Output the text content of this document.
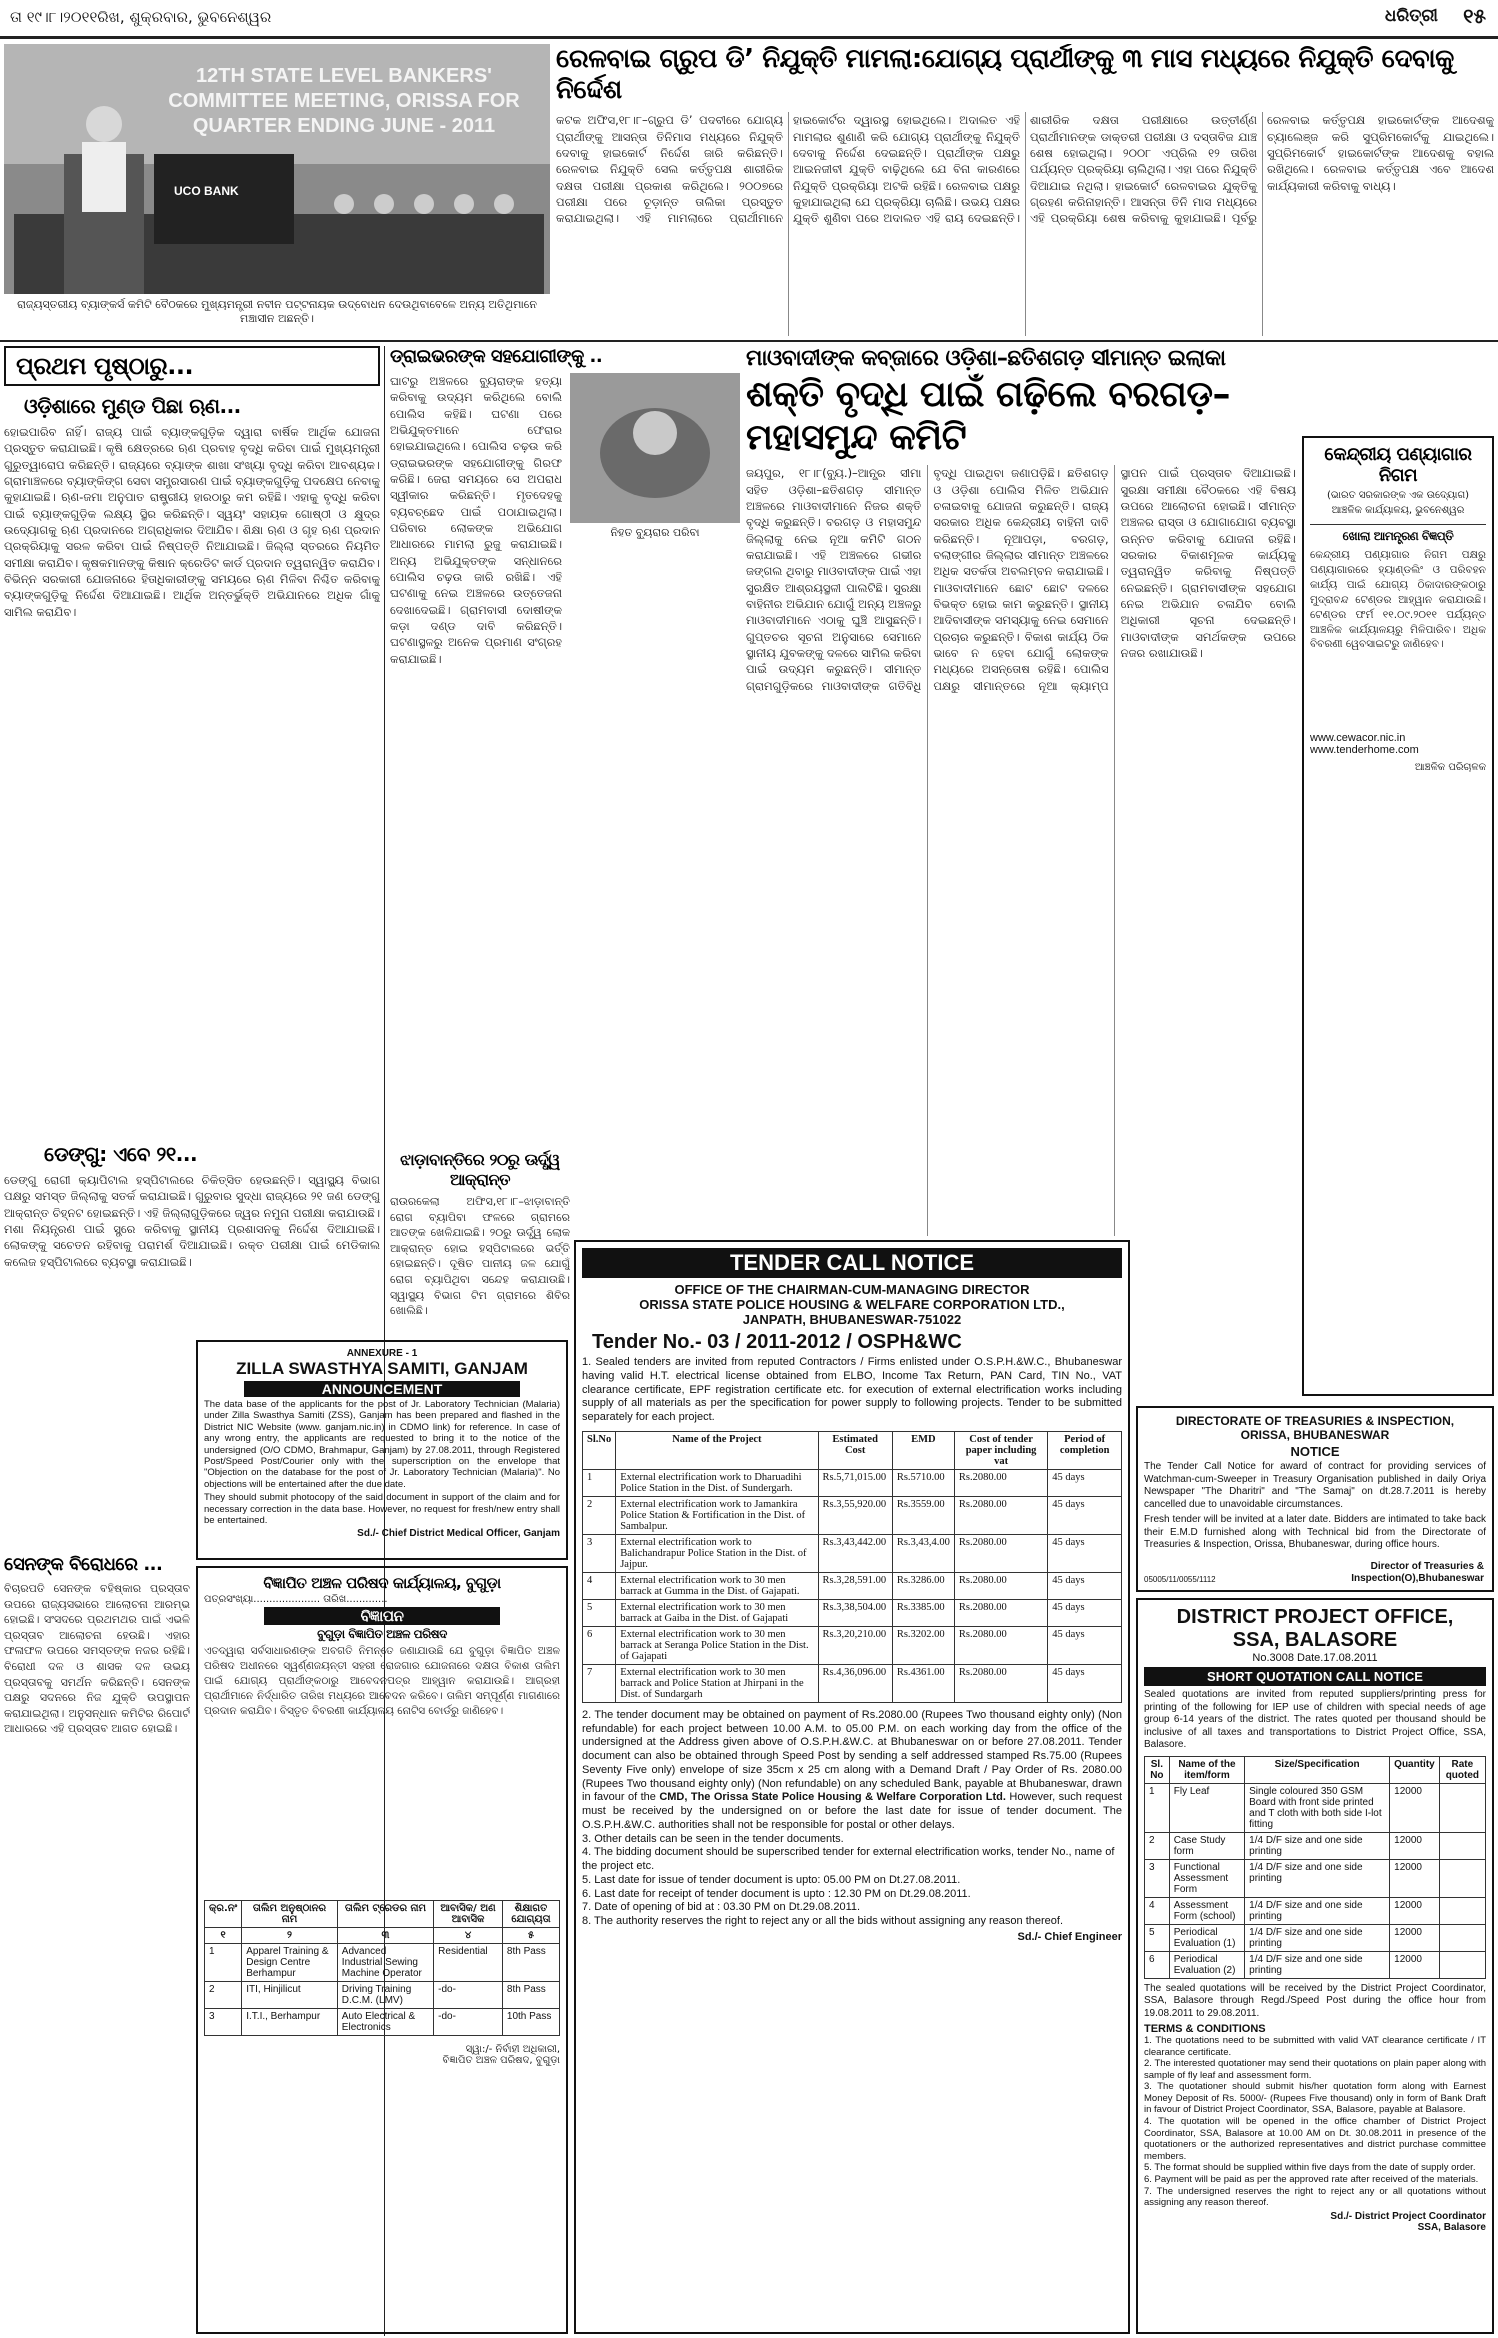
ତା ୧୯।୮।୨୦୧୧ରିଖ, ଶୁକ୍ରବାର, ଭୁବନେଶ୍ୱର	ଧରିତ୍ରୀ ୧୫
12TH STATE LEVEL BANKERS' COMMITTEE MEETING, ORISSA FOR QUARTER ENDING JUNE - 2011
UCO BANK
ରାଜ୍ୟସ୍ତରୀୟ ବ୍ୟାଙ୍କର୍ସ କମିଟି ବୈଠକରେ ମୁଖ୍ୟମନ୍ତ୍ରୀ ନବୀନ ପଟ୍ଟନାୟକ ଉଦ୍‌ବୋଧନ ଦେଉଥିବାବେଳେ ଅନ୍ୟ ଅତିଥିମାନେ ମଞ୍ଚାସୀନ ଅଛନ୍ତି।
ରେଳବାଇ ଗ୍ରୁପ ଡି’ ନିଯୁକ୍ତି ମାମଲା:ଯୋଗ୍ୟ ପ୍ରାର୍ଥୀଙ୍କୁ ୩ ମାସ ମଧ୍ୟରେ ନିଯୁକ୍ତି ଦେବାକୁ ନିର୍ଦ୍ଦେଶ
କଟକ ଅଫିସ,୧୮।୮–ଗ୍ରୁପ ଡି’ ପଦବୀରେ ଯୋଗ୍ୟ ପ୍ରାର୍ଥୀଙ୍କୁ ଆସନ୍ତା ତିନିମାସ ମଧ୍ୟରେ ନିଯୁକ୍ତି ଦେବାକୁ ହାଇକୋର୍ଟ ନିର୍ଦ୍ଦେଶ ଜାରି କରିଛନ୍ତି। ରେଳବାଇ ନିଯୁକ୍ତି ସେଲ କର୍ତ୍ତୃପକ୍ଷ ଶାରୀରିକ ଦକ୍ଷତା ପରୀକ୍ଷା ପ୍ରକାଶ କରିଥିଲେ। ୨୦୦୭ରେ ପରୀକ୍ଷା ପରେ ଚୂଡ଼ାନ୍ତ ତାଲିକା ପ୍ରସ୍ତୁତ କରାଯାଇଥିଲା। ଏହି ମାମଲାରେ ପ୍ରାର୍ଥୀମାନେ ହାଇକୋର୍ଟର ଦ୍ୱାରସ୍ଥ ହୋଇଥିଲେ। ଅଦାଲତ ଏହି ମାମଲାର ଶୁଣାଣି କରି ଯୋଗ୍ୟ ପ୍ରାର୍ଥୀଙ୍କୁ ନିଯୁକ୍ତି ଦେବାକୁ ନିର୍ଦ୍ଦେଶ ଦେଇଛନ୍ତି। ପ୍ରାର୍ଥୀଙ୍କ ପକ୍ଷରୁ ଆଇନଜୀବୀ ଯୁକ୍ତି ବାଢ଼ିଥିଲେ ଯେ ବିନା କାରଣରେ ନିଯୁକ୍ତି ପ୍ରକ୍ରିୟା ଅଟକି ରହିଛି। ରେଳବାଇ ପକ୍ଷରୁ କୁହାଯାଇଥିଲା ଯେ ପ୍ରକ୍ରିୟା ଚାଲିଛି। ଉଭୟ ପକ୍ଷର ଯୁକ୍ତି ଶୁଣିବା ପରେ ଅଦାଲତ ଏହି ରାୟ ଦେଇଛନ୍ତି। ଶାରୀରିକ ଦକ୍ଷତା ପରୀକ୍ଷାରେ ଉତ୍ତୀର୍ଣ୍ଣ ପ୍ରାର୍ଥୀମାନଙ୍କ ଡାକ୍ତରୀ ପରୀକ୍ଷା ଓ ଦସ୍ତାବିଜ ଯାଞ୍ଚ ଶେଷ ହୋଇଥିଲା। ୨୦୦୮ ଏପ୍ରିଲ ୧୨ ତାରିଖ ପର୍ଯ୍ୟନ୍ତ ପ୍ରକ୍ରିୟା ଚାଲିଥିଲା। ଏହା ପରେ ନିଯୁକ୍ତି ଦିଆଯାଇ ନଥିଲା। ହାଇକୋର୍ଟ ରେଳବାଇର ଯୁକ୍ତିକୁ ଗ୍ରହଣ କରିନାହାନ୍ତି। ଆସନ୍ତା ତିନି ମାସ ମଧ୍ୟରେ ଏହି ପ୍ରକ୍ରିୟା ଶେଷ କରିବାକୁ କୁହାଯାଇଛି। ପୂର୍ବରୁ ରେଳବାଇ କର୍ତ୍ତୃପକ୍ଷ ହାଇକୋର୍ଟଙ୍କ ଆଦେଶକୁ ଚ୍ୟାଲେଞ୍ଜ କରି ସୁପ୍ରିମକୋର୍ଟକୁ ଯାଇଥିଲେ। ସୁପ୍ରିମକୋର୍ଟ ହାଇକୋର୍ଟଙ୍କ ଆଦେଶକୁ ବହାଲ ରଖିଥିଲେ। ରେଳବାଇ କର୍ତ୍ତୃପକ୍ଷ ଏବେ ଆଦେଶ କାର୍ଯ୍ୟକାରୀ କରିବାକୁ ବାଧ୍ୟ।
ପ୍ରଥମ ପୃଷ୍ଠାରୁ...
ଓଡ଼ିଶାରେ ମୁଣ୍ଡ ପିଛା ଋଣ...
ହୋଇପାରିବ ନାହିଁ। ରାଜ୍ୟ ପାଇଁ ବ୍ୟାଙ୍କଗୁଡ଼ିକ ଦ୍ୱାରା ବାର୍ଷିକ ଆର୍ଥିକ ଯୋଜନା ପ୍ରସ୍ତୁତ କରାଯାଇଛି। କୃଷି କ୍ଷେତ୍ରରେ ଋଣ ପ୍ରବାହ ବୃଦ୍ଧି କରିବା ପାଇଁ ମୁଖ୍ୟମନ୍ତ୍ରୀ ଗୁରୁତ୍ୱାରୋପ କରିଛନ୍ତି। ରାଜ୍ୟରେ ବ୍ୟାଙ୍କ ଶାଖା ସଂଖ୍ୟା ବୃଦ୍ଧି କରିବା ଆବଶ୍ୟକ। ଗ୍ରାମାଞ୍ଚଳରେ ବ୍ୟାଙ୍କିଙ୍ଗ ସେବା ସମ୍ପ୍ରସାରଣ ପାଇଁ ବ୍ୟାଙ୍କଗୁଡ଼ିକୁ ପଦକ୍ଷେପ ନେବାକୁ କୁହାଯାଇଛି। ଋଣ-ଜମା ଅନୁପାତ ରାଷ୍ଟ୍ରୀୟ ହାରଠାରୁ କମ ରହିଛି। ଏହାକୁ ବୃଦ୍ଧି କରିବା ପାଇଁ ବ୍ୟାଙ୍କଗୁଡ଼ିକ ଲକ୍ଷ୍ୟ ସ୍ଥିର କରିଛନ୍ତି। ସ୍ୱୟଂ ସହାୟକ ଗୋଷ୍ଠୀ ଓ କ୍ଷୁଦ୍ର ଉଦ୍ୟୋଗକୁ ଋଣ ପ୍ରଦାନରେ ଅଗ୍ରାଧିକାର ଦିଆଯିବ। ଶିକ୍ଷା ଋଣ ଓ ଗୃହ ଋଣ ପ୍ରଦାନ ପ୍ରକ୍ରିୟାକୁ ସରଳ କରିବା ପାଇଁ ନିଷ୍ପତ୍ତି ନିଆଯାଇଛି। ଜିଲ୍ଲା ସ୍ତରରେ ନିୟମିତ ସମୀକ୍ଷା କରାଯିବ। କୃଷକମାନଙ୍କୁ କିଷାନ କ୍ରେଡିଟ କାର୍ଡ ପ୍ରଦାନ ତ୍ୱରାନ୍ୱିତ କରାଯିବ। ବିଭିନ୍ନ ସରକାରୀ ଯୋଜନାରେ ହିତାଧିକାରୀଙ୍କୁ ସମୟରେ ଋଣ ମିଳିବା ନିଶ୍ଚିତ କରିବାକୁ ବ୍ୟାଙ୍କଗୁଡ଼ିକୁ ନିର୍ଦ୍ଦେଶ ଦିଆଯାଇଛି। ଆର୍ଥିକ ଅନ୍ତର୍ଭୁକ୍ତି ଅଭିଯାନରେ ଅଧିକ ଗାଁକୁ ସାମିଲ କରାଯିବ।
ଡେଙ୍ଗୁ: ଏବେ ୨୧...
ଡେଙ୍ଗୁ ରୋଗୀ କ୍ୟାପିଟାଲ ହସ୍ପିଟାଲରେ ଚିକିତ୍ସିତ ହେଉଛନ୍ତି। ସ୍ୱାସ୍ଥ୍ୟ ବିଭାଗ ପକ୍ଷରୁ ସମସ୍ତ ଜିଲ୍ଲାକୁ ସତର୍କ କରାଯାଇଛି। ଗୁରୁବାର ସୁଦ୍ଧା ରାଜ୍ୟରେ ୨୧ ଜଣ ଡେଙ୍ଗୁ ଆକ୍ରାନ୍ତ ଚିହ୍ନଟ ହୋଇଛନ୍ତି। ଏହି ଜିଲ୍ଲାଗୁଡ଼ିକରେ ଜ୍ୱର ନମୁନା ପରୀକ୍ଷା କରାଯାଉଛି। ମଶା ନିୟନ୍ତ୍ରଣ ପାଇଁ ସ୍ପ୍ରେ କରିବାକୁ ସ୍ଥାନୀୟ ପ୍ରଶାସନକୁ ନିର୍ଦ୍ଦେଶ ଦିଆଯାଇଛି। ଲୋକଙ୍କୁ ସଚେତନ ରହିବାକୁ ପରାମର୍ଶ ଦିଆଯାଇଛି। ରକ୍ତ ପରୀକ୍ଷା ପାଇଁ ମେଡିକାଲ କଲେଜ ହସ୍ପିଟାଲରେ ବ୍ୟବସ୍ଥା କରାଯାଇଛି।
ସେନଙ୍କ ବିରୋଧରେ ...
ବିଚାରପତି ସେନଙ୍କ ବହିଷ୍କାର ପ୍ରସ୍ତାବ ଉପରେ ରାଜ୍ୟସଭାରେ ଆଲୋଚନା ଆରମ୍ଭ ହୋଇଛି। ସଂସଦରେ ପ୍ରଥମଥର ପାଇଁ ଏଭଳି ପ୍ରସ୍ତାବ ଆଲୋଚନା ହେଉଛି। ଏହାର ଫଳାଫଳ ଉପରେ ସମସ୍ତଙ୍କ ନଜର ରହିଛି। ବିରୋଧୀ ଦଳ ଓ ଶାସକ ଦଳ ଉଭୟ ପ୍ରସ୍ତାବକୁ ସମର୍ଥନ କରିଛନ୍ତି। ସେନଙ୍କ ପକ୍ଷରୁ ସଦନରେ ନିଜ ଯୁକ୍ତି ଉପସ୍ଥାପନ କରାଯାଇଥିଲା। ଅନୁସନ୍ଧାନ କମିଟିର ରିପୋର୍ଟ ଆଧାରରେ ଏହି ପ୍ରସ୍ତାବ ଆଗତ ହୋଇଛି।
ଡ୍ରାଇଭରଙ୍କ ସହଯୋଗୀଙ୍କୁ ..
ନିହତ ବ୍ୟୁରାର ପରିବା
ଘାଟରୁ ଅଞ୍ଚଳରେ ବ୍ୟୁରାଙ୍କ ହତ୍ୟା କରିବାକୁ ଉଦ୍ୟମ କରିଥିଲେ ବୋଲି ପୋଲିସ କହିଛି। ଘଟଣା ପରେ ଅଭିଯୁକ୍ତମାନେ ଫେରାର ହୋଇଯାଇଥିଲେ। ପୋଲିସ ଚଢ଼ଉ କରି ଡ୍ରାଇଭରଙ୍କ ସହଯୋଗୀଙ୍କୁ ଗିରଫ କରିଛି। ଜେରା ସମୟରେ ସେ ଅପରାଧ ସ୍ୱୀକାର କରିଛନ୍ତି। ମୃତଦେହକୁ ବ୍ୟବଚ୍ଛେଦ ପାଇଁ ପଠାଯାଇଥିଲା। ପରିବାର ଲୋକଙ୍କ ଅଭିଯୋଗ ଆଧାରରେ ମାମଲା ରୁଜୁ କରାଯାଇଛି। ଅନ୍ୟ ଅଭିଯୁକ୍ତଙ୍କ ସନ୍ଧାନରେ ପୋଲିସ ଚଢ଼ଉ ଜାରି ରଖିଛି। ଏହି ଘଟଣାକୁ ନେଇ ଅଞ୍ଚଳରେ ଉତ୍ତେଜନା ଦେଖାଦେଇଛି। ଗ୍ରାମବାସୀ ଦୋଷୀଙ୍କ କଡ଼ା ଦଣ୍ଡ ଦାବି କରିଛନ୍ତି। ଘଟଣାସ୍ଥଳରୁ ଅନେକ ପ୍ରମାଣ ସଂଗ୍ରହ କରାଯାଇଛି।
ଝାଡ଼ାବାନ୍ତିରେ ୨୦ରୁ ଊର୍ଦ୍ଧ୍ୱ ଆକ୍ରାନ୍ତ
ରାଉରକେଲା ଅଫିସ,୧୮।୮–ଝାଡ଼ାବାନ୍ତି ରୋଗ ବ୍ୟାପିବା ଫଳରେ ଗ୍ରାମରେ ଆତଙ୍କ ଖେଳିଯାଇଛି। ୨୦ରୁ ଊର୍ଦ୍ଧ୍ୱ ଲୋକ ଆକ୍ରାନ୍ତ ହୋଇ ହସ୍ପିଟାଲରେ ଭର୍ତ୍ତି ହୋଇଛନ୍ତି। ଦୂଷିତ ପାନୀୟ ଜଳ ଯୋଗୁଁ ରୋଗ ବ୍ୟାପିଥିବା ସନ୍ଦେହ କରାଯାଉଛି। ସ୍ୱାସ୍ଥ୍ୟ ବିଭାଗ ଟିମ ଗ୍ରାମରେ ଶିବିର ଖୋଲିଛି।
ମାଓବାଦୀଙ୍କ କବ୍‌ଜାରେ ଓଡ଼ିଶା–ଛତିଶଗଡ଼ ସୀମାନ୍ତ ଇଲାକା
ଶକ୍ତି ବୃଦ୍ଧି ପାଇଁ ଗଢ଼ିଲେ ବରଗଡ଼–ମହାସମୁନ୍ଦ କମିଟି
ଜୟପୁର, ୧୮।୮(ବ୍ୟୁ.)–ଆନ୍ଧ୍ର ସୀମା ସହିତ ଓଡ଼ିଶା–ଛତିଶଗଡ଼ ସୀମାନ୍ତ ଅଞ୍ଚଳରେ ମାଓବାଦୀମାନେ ନିଜର ଶକ୍ତି ବୃଦ୍ଧି କରୁଛନ୍ତି। ବରଗଡ଼ ଓ ମହାସମୁନ୍ଦ ଜିଲ୍ଲାକୁ ନେଇ ନୂଆ କମିଟି ଗଠନ କରାଯାଇଛି। ଏହି ଅଞ୍ଚଳରେ ଗଭୀର ଜଙ୍ଗଲ ଥିବାରୁ ମାଓବାଦୀଙ୍କ ପାଇଁ ଏହା ସୁରକ୍ଷିତ ଆଶ୍ରୟସ୍ଥଳୀ ପାଲଟିଛି। ସୁରକ୍ଷା ବାହିନୀର ଅଭିଯାନ ଯୋଗୁଁ ଅନ୍ୟ ଅଞ୍ଚଳରୁ ମାଓବାଦୀମାନେ ଏଠାକୁ ଘୁଞ୍ଚି ଆସୁଛନ୍ତି। ଗୁପ୍ତଚର ସୂଚନା ଅନୁସାରେ ସେମାନେ ସ୍ଥାନୀୟ ଯୁବକଙ୍କୁ ଦଳରେ ସାମିଲ କରିବା ପାଇଁ ଉଦ୍ୟମ କରୁଛନ୍ତି। ସୀମାନ୍ତ ଗ୍ରାମଗୁଡ଼ିକରେ ମାଓବାଦୀଙ୍କ ଗତିବିଧି ବୃଦ୍ଧି ପାଇଥିବା ଜଣାପଡ଼ିଛି। ଛତିଶଗଡ଼ ଓ ଓଡ଼ିଶା ପୋଲିସ ମିଳିତ ଅଭିଯାନ ଚଳାଇବାକୁ ଯୋଜନା କରୁଛନ୍ତି। ରାଜ୍ୟ ସରକାର ଅଧିକ କେନ୍ଦ୍ରୀୟ ବାହିନୀ ଦାବି କରିଛନ୍ତି। ନୂଆପଡ଼ା, ବରଗଡ଼, ବଲାଙ୍ଗୀର ଜିଲ୍ଲାର ସୀମାନ୍ତ ଅଞ୍ଚଳରେ ଅଧିକ ସତର୍କତା ଅବଲମ୍ବନ କରାଯାଇଛି। ମାଓବାଦୀମାନେ ଛୋଟ ଛୋଟ ଦଳରେ ବିଭକ୍ତ ହୋଇ କାମ କରୁଛନ୍ତି। ସ୍ଥାନୀୟ ଆଦିବାସୀଙ୍କ ସମସ୍ୟାକୁ ନେଇ ସେମାନେ ପ୍ରଚାର କରୁଛନ୍ତି। ବିକାଶ କାର୍ଯ୍ୟ ଠିକ ଭାବେ ନ ହେବା ଯୋଗୁଁ ଲୋକଙ୍କ ମଧ୍ୟରେ ଅସନ୍ତୋଷ ରହିଛି। ପୋଲିସ ପକ୍ଷରୁ ସୀମାନ୍ତରେ ନୂଆ କ୍ୟାମ୍ପ ସ୍ଥାପନ ପାଇଁ ପ୍ରସ୍ତାବ ଦିଆଯାଇଛି। ସୁରକ୍ଷା ସମୀକ୍ଷା ବୈଠକରେ ଏହି ବିଷୟ ଉପରେ ଆଲୋଚନା ହୋଇଛି। ସୀମାନ୍ତ ଅଞ୍ଚଳର ରାସ୍ତା ଓ ଯୋଗାଯୋଗ ବ୍ୟବସ୍ଥା ଉନ୍ନତ କରିବାକୁ ଯୋଜନା ରହିଛି। ସରକାର ବିକାଶମୂଳକ କାର୍ଯ୍ୟକୁ ତ୍ୱରାନ୍ୱିତ କରିବାକୁ ନିଷ୍ପତ୍ତି ନେଇଛନ୍ତି। ଗ୍ରାମବାସୀଙ୍କ ସହଯୋଗ ନେଇ ଅଭିଯାନ ଚଳାଯିବ ବୋଲି ଅଧିକାରୀ ସୂଚନା ଦେଇଛନ୍ତି। ମାଓବାଦୀଙ୍କ ସମର୍ଥକଙ୍କ ଉପରେ ନଜର ରଖାଯାଉଛି।
କେନ୍ଦ୍ରୀୟ ପଣ୍ୟାଗାର ନିଗମ
(ଭାରତ ସରକାରଙ୍କ ଏକ ଉଦ୍ୟୋଗ)
ଆଞ୍ଚଳିକ କାର୍ଯ୍ୟାଳୟ, ଭୁବନେଶ୍ୱର
ଖୋଲା ଆମନ୍ତ୍ରଣ ବିଜ୍ଞପ୍ତି
କେନ୍ଦ୍ରୀୟ ପଣ୍ୟାଗାର ନିଗମ ପକ୍ଷରୁ ପଣ୍ୟାଗାରରେ ହ୍ୟାଣ୍ଡଲିଂ ଓ ପରିବହନ କାର୍ଯ୍ୟ ପାଇଁ ଯୋଗ୍ୟ ଠିକାଦାରଙ୍କଠାରୁ ମୁଦ୍ରାବନ୍ଦ ଟେଣ୍ଡର ଆହ୍ୱାନ କରାଯାଉଛି। ଟେଣ୍ଡର ଫର୍ମ ୧୧.୦୯.୨୦୧୧ ପର୍ଯ୍ୟନ୍ତ ଆଞ୍ଚଳିକ କାର୍ଯ୍ୟାଳୟରୁ ମିଳିପାରିବ। ଅଧିକ ବିବରଣୀ ୱେବସାଇଟରୁ ଜାଣିହେବ।
www.cewacor.nic.in
www.tenderhome.com
ଆଞ୍ଚଳିକ ପରିଚାଳକ
DIRECTORATE OF TREASURIES & INSPECTION,
ORISSA, BHUBANESWAR
NOTICE
The Tender Call Notice for award of contract for providing services of Watchman-cum-Sweeper in Treasury Organisation published in daily Oriya Newspaper "The Dharitri" and "The Samaj" on dt.28.7.2011 is hereby cancelled due to unavoidable circumstances.
Fresh tender will be invited at a later date. Bidders are intimated to take back their E.M.D furnished along with Technical bid from the Directorate of Treasuries & Inspection, Orissa, Bhubaneswar, during office hours.
05005/11/0055/1112
Director of Treasuries &
Inspection(O),Bhubaneswar
DISTRICT PROJECT OFFICE,
SSA, BALASORE
No.3008 Date.17.08.2011
SHORT QUOTATION CALL NOTICE
Sealed quotations are invited from reputed suppliers/printing press for printing of the following for IEP use of children with special needs of age group 6-14 years of the district. The rates quoted per thousand should be inclusive of all taxes and transportations to District Project Office, SSA, Balasore.
Sl. No	Name of the item/form	Size/Specification	Quantity	Rate quoted
1	Fly Leaf	Single coloured 350 GSM Board with front side printed and T cloth with both side I-lot fitting	12000	
2	Case Study form	1/4 D/F size and one side printing	12000	
3	Functional Assessment Form	1/4 D/F size and one side printing	12000	
4	Assessment Form (school)	1/4 D/F size and one side printing	12000	
5	Periodical Evaluation (1)	1/4 D/F size and one side printing	12000	
6	Periodical Evaluation (2)	1/4 D/F size and one side printing	12000	
The sealed quotations will be received by the District Project Coordinator, SSA, Balasore through Regd./Speed Post during the office hour from 19.08.2011 to 29.08.2011.
TERMS & CONDITIONS
1. The quotations need to be submitted with valid VAT clearance certificate / IT clearance certificate.
2. The interested quotationer may send their quotations on plain paper along with sample of fly leaf and assessment form.
3. The quotationer should submit his/her quotation form along with Earnest Money Deposit of Rs. 5000/- (Rupees Five thousand) only in form of Bank Draft in favour of District Project Coordinator, SSA, Balasore, payable at Balasore.
4. The quotation will be opened in the office chamber of District Project Coordinator, SSA, Balasore at 10.00 AM on Dt. 30.08.2011 in presence of the quotationers or the authorized representatives and district purchase committee members.
5. The format should be supplied within five days from the date of supply order.
6. Payment will be paid as per the approved rate after received of the materials.
7. The undersigned reserves the right to reject any or all quotations without assigning any reason thereof.
Sd./- District Project Coordinator
SSA, Balasore
TENDER CALL NOTICE
OFFICE OF THE CHAIRMAN-CUM-MANAGING DIRECTOR
ORISSA STATE POLICE HOUSING & WELFARE CORPORATION LTD.,
JANPATH, BHUBANESWAR-751022
Tender No.- 03 / 2011-2012 / OSPH&WC
1. Sealed tenders are invited from reputed Contractors / Firms enlisted under O.S.P.H.&W.C., Bhubaneswar having valid H.T. electrical license obtained from ELBO, Income Tax Return, PAN Card, TIN No., VAT clearance certificate, EPF registration certificate etc. for execution of external electrification works including supply of all materials as per the specification for power supply to following projects. Tender to be submitted separately for each project.
Sl.No	Name of the Project	Estimated Cost	EMD	Cost of tender paper including vat	Period of completion
1	External electrification work to Dharuadihi Police Station in the Dist. of Sundergarh.	Rs.5,71,015.00	Rs.5710.00	Rs.2080.00	45 days
2	External electrification work to Jamankira Police Station & Fortification in the Dist. of Sambalpur.	Rs.3,55,920.00	Rs.3559.00	Rs.2080.00	45 days
3	External electrification work to Balichandrapur Police Station in the Dist. of Jajpur.	Rs.3,43,442.00	Rs.3,43,4.00	Rs.2080.00	45 days
4	External electrification work to 30 men barrack at Gumma in the Dist. of Gajapati.	Rs.3,28,591.00	Rs.3286.00	Rs.2080.00	45 days
5	External electrification work to 30 men barrack at Gaiba in the Dist. of Gajapati	Rs.3,38,504.00	Rs.3385.00	Rs.2080.00	45 days
6	External electrification work to 30 men barrack at Seranga Police Station in the Dist. of Gajapati	Rs.3,20,210.00	Rs.3202.00	Rs.2080.00	45 days
7	External electrification work to 30 men barrack and Police Station at Jhirpani in the Dist. of Sundargarh	Rs.4,36,096.00	Rs.4361.00	Rs.2080.00	45 days
2. The tender document may be obtained on payment of Rs.2080.00 (Rupees Two thousand eighty only) (Non refundable) for each project between 10.00 A.M. to 05.00 P.M. on each working day from the office of the undersigned at the Address given above of O.S.P.H.&W.C. at Bhubaneswar on or before 27.08.2011. Tender document can also be obtained through Speed Post by sending a self addressed stamped Rs.75.00 (Rupees Seventy Five only) envelope of size 35cm x 25 cm along with a Demand Draft / Pay Order of Rs. 2080.00 (Rupees Two thousand eighty only) (Non refundable) on any scheduled Bank, payable at Bhubaneswar, drawn in favour of the CMD, The Orissa State Police Housing & Welfare Corporation Ltd. However, such request must be received by the undersigned on or before the last date for issue of tender document. The O.S.P.H.&W.C. authorities shall not be responsible for postal or other delays.
3. Other details can be seen in the tender documents.
4. The bidding document should be superscribed tender for external electrification works, tender No., name of the project etc.
5. Last date for issue of tender document is upto: 05.00 PM on Dt.27.08.2011.
6. Last date for receipt of tender document is upto : 12.30 PM on Dt.29.08.2011.
7. Date of opening of bid at : 03.30 PM on Dt.29.08.2011.
8. The authority reserves the right to reject any or all the bids without assigning any reason thereof.
Sd./- Chief Engineer
ANNEXURE - 1
ZILLA SWASTHYA SAMITI, GANJAM
ANNOUNCEMENT
The data base of the applicants for the post of Jr. Laboratory Technician (Malaria) under Zilla Swasthya Samiti (ZSS), Ganjam has been prepared and flashed in the District NIC Website (www. ganjam.nic.in) in CDMO link) for reference. In case of any wrong entry, the applicants are requested to bring it to the notice of the undersigned (O/O CDMO, Brahmapur, Ganjam) by 27.08.2011, through Registered Post/Speed Post/Courier only with the superscription on the envelope that "Objection on the database for the post of Jr. Laboratory Technician (Malaria)". No objections will be entertained after the due date.
They should submit photocopy of the said document in support of the claim and for necessary correction in the data base. However, no request for fresh/new entry shall be entertained.
Sd./- Chief District Medical Officer, Ganjam
ବିଜ୍ଞାପିତ ଅଞ୍ଚଳ ପରିଷଦ କାର୍ଯ୍ୟାଳୟ, ବୁଗୁଡ଼ା
ପତ୍ରସଂଖ୍ୟା..................... ତାରିଖ.............
ବିଜ୍ଞାପନ
ବୁଗୁଡ଼ା ବିଜ୍ଞାପିତ ଅଞ୍ଚଳ ପରିଷଦ
ଏତଦ୍ୱାରା ସର୍ବସାଧାରଣଙ୍କ ଅବଗତି ନିମନ୍ତେ ଜଣାଯାଉଛି ଯେ ବୁଗୁଡ଼ା ବିଜ୍ଞାପିତ ଅଞ୍ଚଳ ପରିଷଦ ଅଧୀନରେ ସ୍ୱର୍ଣ୍ଣଜୟନ୍ତୀ ସହରୀ ରୋଜଗାର ଯୋଜନାରେ ଦକ୍ଷତା ବିକାଶ ତାଲିମ ପାଇଁ ଯୋଗ୍ୟ ପ୍ରାର୍ଥୀଙ୍କଠାରୁ ଆବେଦନପତ୍ର ଆହ୍ୱାନ କରାଯାଉଛି। ଆଗ୍ରହୀ ପ୍ରାର୍ଥୀମାନେ ନିର୍ଦ୍ଧାରିତ ତାରିଖ ମଧ୍ୟରେ ଆବେଦନ କରିବେ। ତାଲିମ ସମ୍ପୂର୍ଣ୍ଣ ମାଗଣାରେ ପ୍ରଦାନ କରାଯିବ। ବିସ୍ତୃତ ବିବରଣୀ କାର୍ଯ୍ୟାଳୟ ନୋଟିସ ବୋର୍ଡରୁ ଜାଣିହେବ।
କ୍ର.ନଂ	ତାଲିମ ଅନୁଷ୍ଠାନର ନାମ	ତାଲିମ ଟ୍ରେଡର ନାମ	ଆବାସିକ/ ଅଣ ଆବାସିକ	ଶିକ୍ଷାଗତ ଯୋଗ୍ୟତା
୧	୨	୩	୪	୫
1	Apparel Training & Design Centre Berhampur	Advanced Industrial Sewing Machine Operator	Residential	8th Pass
2	ITI, Hinjilicut	Driving Training D.C.M. (LMV)	-do-	8th Pass
3	I.T.I., Berhampur	Auto Electrical & Electronics	-do-	10th Pass
ସ୍ୱା:/- ନିର୍ବାହୀ ଅଧିକାରୀ,
ବିଜ୍ଞାପିତ ଅଞ୍ଚଳ ପରିଷଦ, ବୁଗୁଡ଼ା
